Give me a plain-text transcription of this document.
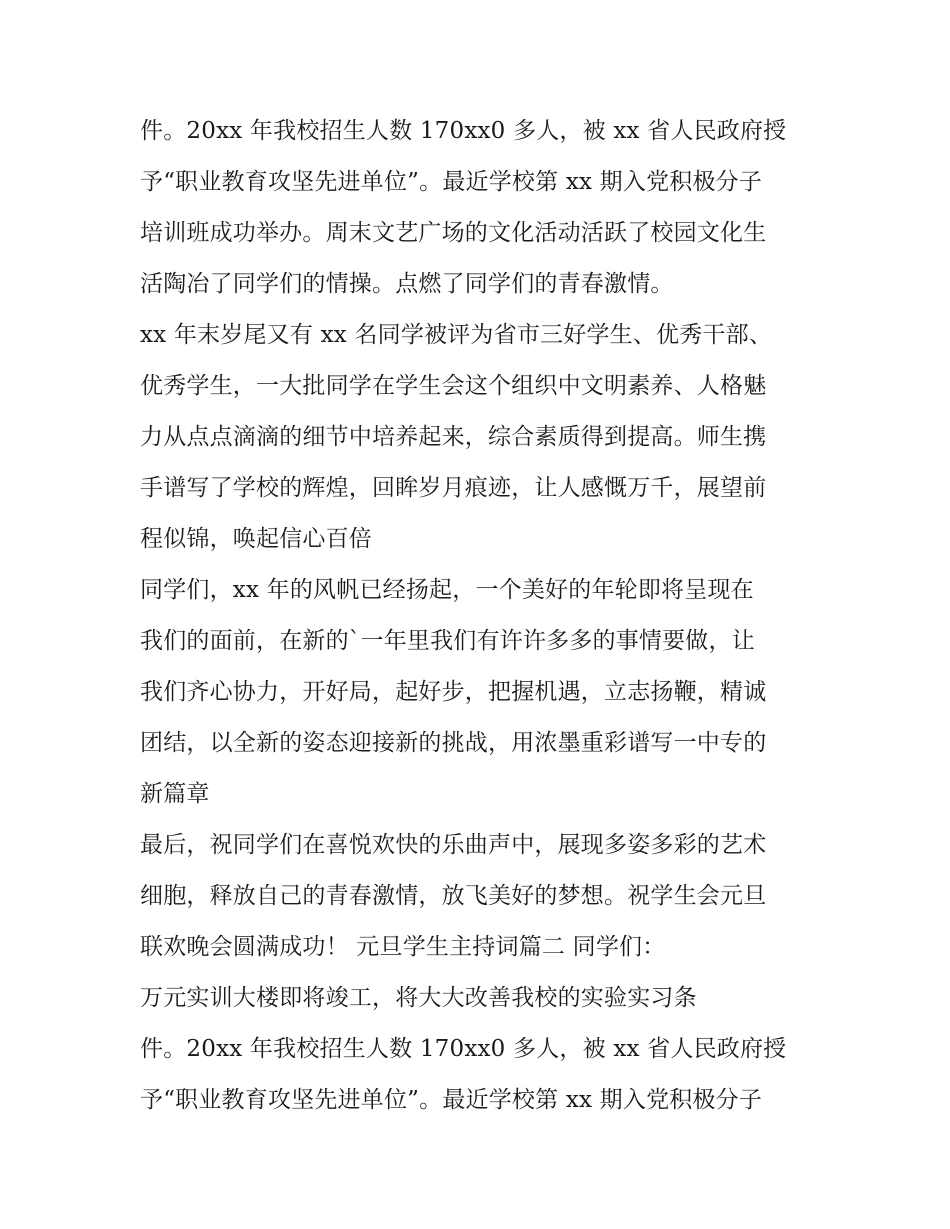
件。20xx 年我校招生人数 170xx0 多人，被 xx 省人民政府授
予“职业教育攻坚先进单位”。最近学校第 xx 期入党积极分子
培训班成功举办。周末文艺广场的文化活动活跃了校园文化生
活陶冶了同学们的情操。点燃了同学们的青春激情。
xx 年末岁尾又有 xx 名同学被评为省市三好学生、优秀干部、
优秀学生，一大批同学在学生会这个组织中文明素养、人格魅
力从点点滴滴的细节中培养起来，综合素质得到提高。师生携
手谱写了学校的辉煌，回眸岁月痕迹，让人感慨万千，展望前
程似锦，唤起信心百倍
同学们，xx 年的风帆已经扬起，一个美好的年轮即将呈现在
我们的面前，在新的`一年里我们有许许多多的事情要做，让
我们齐心协力，开好局，起好步，把握机遇，立志扬鞭，精诚
团结，以全新的姿态迎接新的挑战，用浓墨重彩谱写一中专的
新篇章
最后，祝同学们在喜悦欢快的乐曲声中，展现多姿多彩的艺术
细胞，释放自己的青春激情，放飞美好的梦想。祝学生会元旦
联欢晚会圆满成功！ 元旦学生主持词篇二 同学们：
万元实训大楼即将竣工，将大大改善我校的实验实习条
件。20xx 年我校招生人数 170xx0 多人，被 xx 省人民政府授
予“职业教育攻坚先进单位”。最近学校第 xx 期入党积极分子
